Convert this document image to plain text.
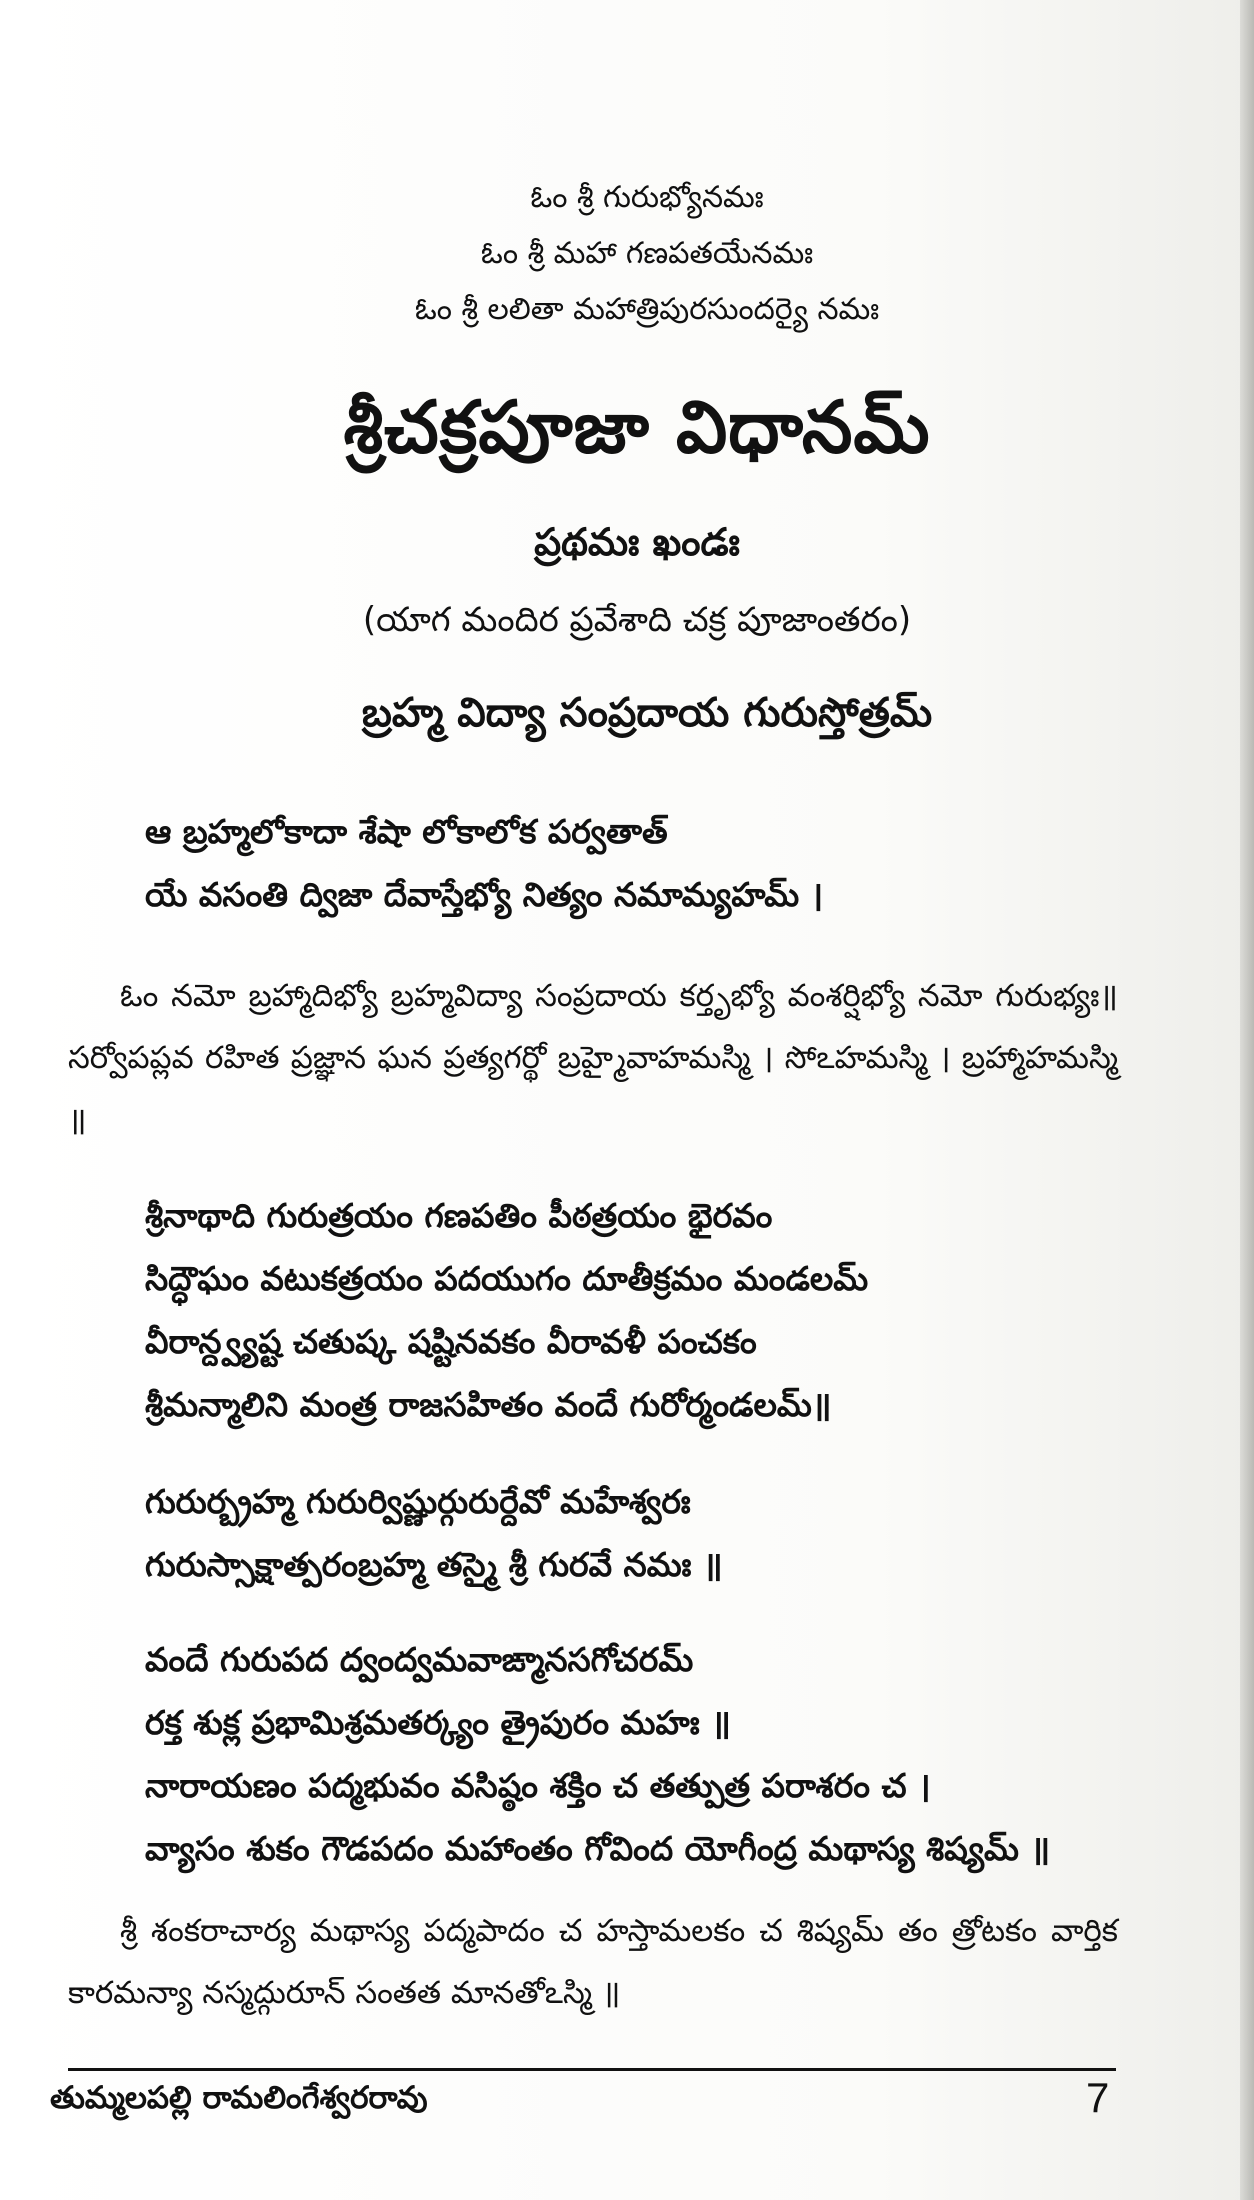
ఓం శ్రీ గురుభ్యోనమః
ఓం శ్రీ మహా గణపతయేనమః
ఓం శ్రీ లలితా మహాత్రిపురసుందర్యై నమః
శ్రీచక్రపూజా విధానమ్
ప్రథమః ఖండః
(యాగ మందిర ప్రవేశాది చక్ర పూజాంతరం)
బ్రహ్మ విద్యా సంప్రదాయ గురుస్తోత్రమ్
ఆ బ్రహ్మలోకాదా శేషా లోకాలోక పర్వతాత్
యే వసంతి ద్విజా దేవాస్తేభ్యో నిత్యం నమామ్యహమ్ ।
ఓం నమో బ్రహ్మాదిభ్యో బ్రహ్మవిద్యా సంప్రదాయ కర్తృభ్యో వంశర్షిభ్యో నమో గురుభ్యః॥ సర్వోపప్లవ రహిత ప్రజ్ఞాన ఘన ప్రత్యగర్థో బ్రహ్మైవాహమస్మి । సోఽహమస్మి । బ్రహ్మాహమస్మి ॥
శ్రీనాథాది గురుత్రయం గణపతిం పీఠత్రయం భైరవం
సిద్ధౌఘం వటుకత్రయం పదయుగం దూతీక్రమం మండలమ్
వీరాన్ద్వ్యష్ట చతుష్క షష్టినవకం వీరావళీ పంచకం
శ్రీమన్మాలిని మంత్ర రాజసహితం వందే గురోర్మండలమ్॥
గురుర్బ్రహ్మ గురుర్విష్ణుర్గురుర్దేవో మహేశ్వరః
గురుస్సాక్షాత్పరంబ్రహ్మ తస్మై శ్రీ గురవే నమః ॥
వందే గురుపద ద్వంద్వమవాఙ్మానసగోచరమ్
రక్త శుక్ల ప్రభామిశ్రమతర్క్యం త్రైపురం మహః ॥
నారాయణం పద్మభువం వసిష్ఠం శక్తిం చ తత్పుత్ర పరాశరం చ ।
వ్యాసం శుకం గౌడపదం మహాంతం గోవింద యోగీంద్ర మథాస్య శిష్యమ్ ॥
శ్రీ శంకరాచార్య మథాస్య పద్మపాదం చ హస్తామలకం చ శిష్యమ్ తం త్రోటకం వార్తిక కారమన్యా నస్మద్గురూన్ సంతత మానతోఽస్మి ॥
తుమ్మలపల్లి రామలింగేశ్వరరావు	7
